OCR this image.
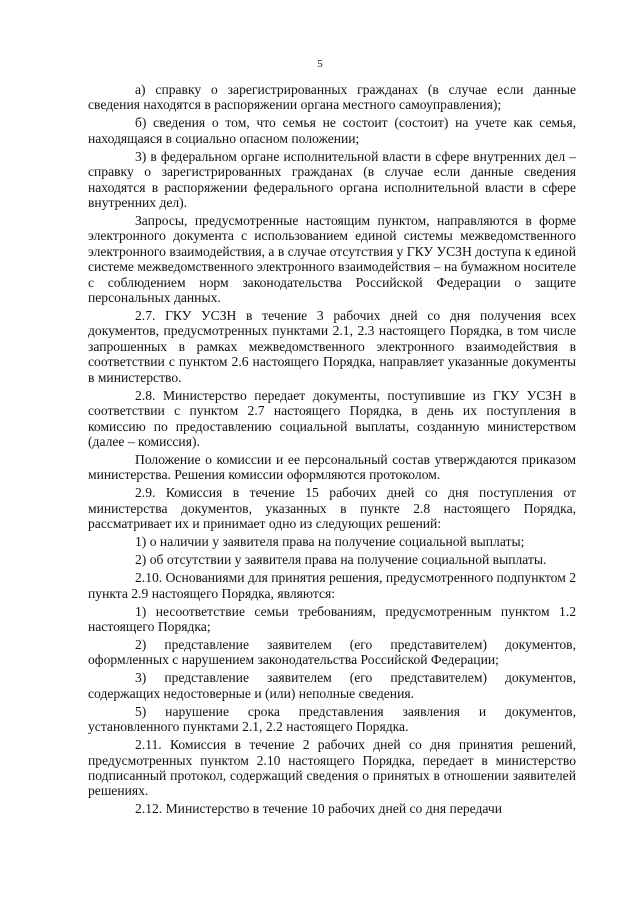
5

а) справку о зарегистрированных гражданах (в случае если данные сведения находятся в распоряжении органа местного самоуправления);

б) сведения о том, что семья не состоит (состоит) на учете как семья, находящаяся в социально опасном положении;

3) в федеральном органе исполнительной власти в сфере внутренних дел – справку о зарегистрированных гражданах (в случае если данные сведения находятся в распоряжении федерального органа исполнительной власти в сфере внутренних дел).

Запросы, предусмотренные настоящим пунктом, направляются в форме электронного документа с использованием единой системы межведомственного электронного взаимодействия, а в случае отсутствия у ГКУ УСЗН доступа к единой системе межведомственного электронного взаимодействия – на бумажном носителе с соблюдением норм законодательства Российской Федерации о защите персональных данных.

2.7. ГКУ УСЗН в течение 3 рабочих дней со дня получения всех документов, предусмотренных пунктами 2.1, 2.3 настоящего Порядка, в том числе запрошенных в рамках межведомственного электронного взаимодействия в соответствии с пунктом 2.6 настоящего Порядка, направляет указанные документы в министерство.

2.8. Министерство передает документы, поступившие из ГКУ УСЗН в соответствии с пунктом 2.7 настоящего Порядка, в день их поступления в комиссию по предоставлению социальной выплаты, созданную министерством (далее – комиссия).

Положение о комиссии и ее персональный состав утверждаются приказом министерства. Решения комиссии оформляются протоколом.

2.9. Комиссия в течение 15 рабочих дней со дня поступления от министерства документов, указанных в пункте 2.8 настоящего Порядка, рассматривает их и принимает одно из следующих решений:

1) о наличии у заявителя права на получение социальной выплаты;

2) об отсутствии у заявителя права на получение социальной выплаты.

2.10. Основаниями для принятия решения, предусмотренного подпунктом 2 пункта 2.9 настоящего Порядка, являются:

1) несоответствие семьи требованиям, предусмотренным пунктом 1.2 настоящего Порядка;

2) представление заявителем (его представителем) документов, оформленных с нарушением законодательства Российской Федерации;

3) представление заявителем (его представителем) документов, содержащих недостоверные и (или) неполные сведения.

5) нарушение срока представления заявления и документов, установленного пунктами 2.1, 2.2 настоящего Порядка.

2.11. Комиссия в течение 2 рабочих дней со дня принятия решений, предусмотренных пунктом 2.10 настоящего Порядка, передает в министерство подписанный протокол, содержащий сведения о принятых в отношении заявителей решениях.

2.12. Министерство в течение 10 рабочих дней со дня передачи
